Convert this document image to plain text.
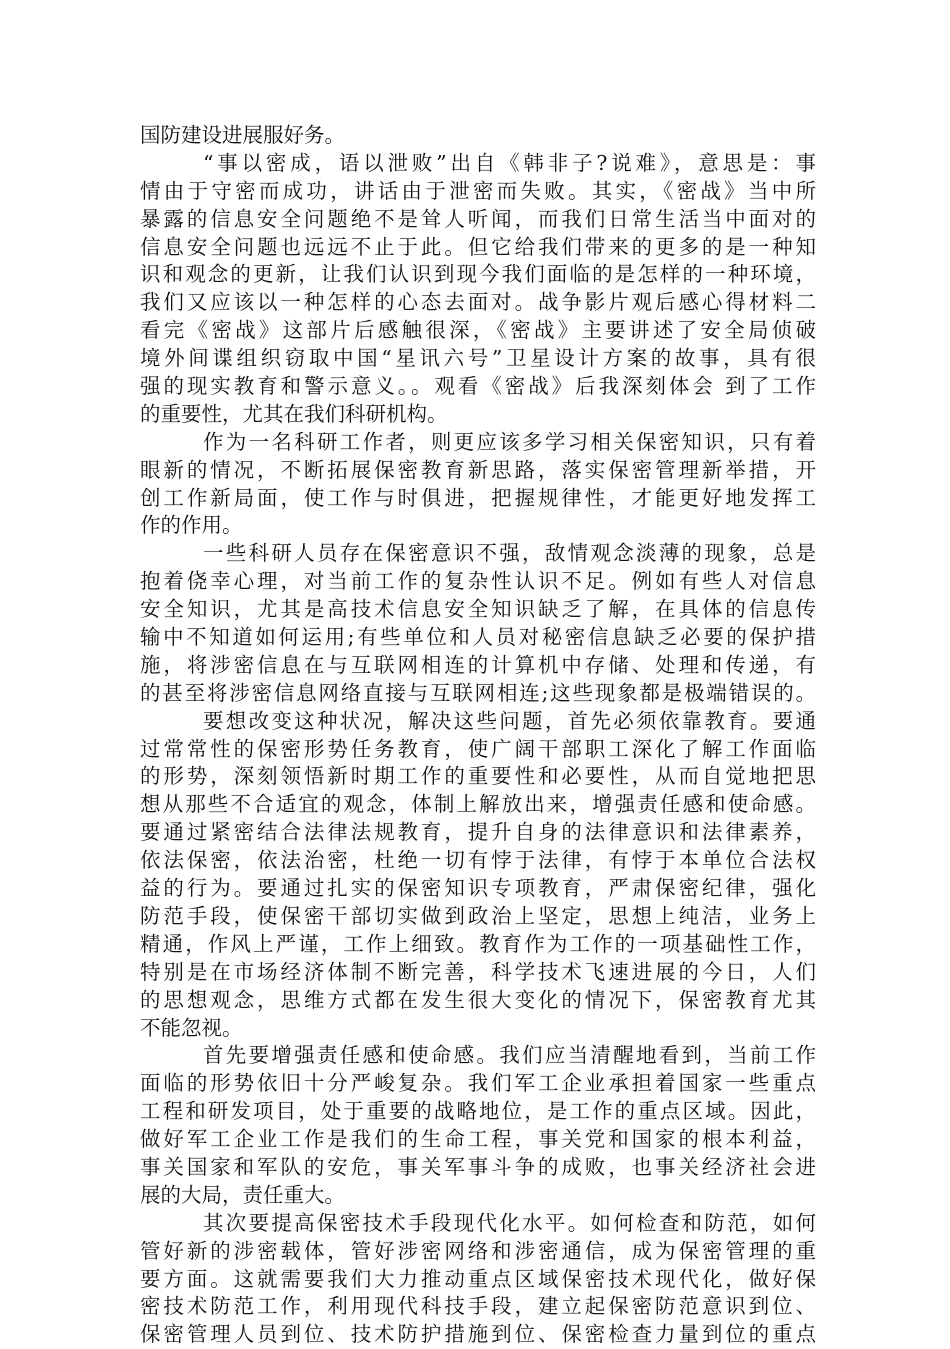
国防建设进展服好务。
“事以密成，语以泄败”出自《韩非子?说难》，意思是：事
情由于守密而成功，讲话由于泄密而失败。其实，《密战》当中所
暴露的信息安全问题绝不是耸人听闻，而我们日常生活当中面对的
信息安全问题也远远不止于此。但它给我们带来的更多的是一种知
识和观念的更新，让我们认识到现今我们面临的是怎样的一种环境，
我们又应该以一种怎样的心态去面对。战争影片观后感心得材料二
看完《密战》这部片后感触很深，《密战》主要讲述了安全局侦破
境外间谍组织窃取中国“星讯六号”卫星设计方案的故事，具有很
强的现实教育和警示意义。。观看《密战》后我深刻体会 到了工作
的重要性，尤其在我们科研机构。
作为一名科研工作者，则更应该多学习相关保密知识，只有着
眼新的情况，不断拓展保密教育新思路，落实保密管理新举措，开
创工作新局面，使工作与时俱进，把握规律性，才能更好地发挥工
作的作用。
一些科研人员存在保密意识不强，敌情观念淡薄的现象，总是
抱着侥幸心理，对当前工作的复杂性认识不足。例如有些人对信息
安全知识，尤其是高技术信息安全知识缺乏了解，在具体的信息传
输中不知道如何运用;有些单位和人员对秘密信息缺乏必要的保护措
施，将涉密信息在与互联网相连的计算机中存储、处理和传递，有
的甚至将涉密信息网络直接与互联网相连;这些现象都是极端错误的。
要想改变这种状况，解决这些问题，首先必须依靠教育。要通
过常常性的保密形势任务教育，使广阔干部职工深化了解工作面临
的形势，深刻领悟新时期工作的重要性和必要性，从而自觉地把思
想从那些不合适宜的观念，体制上解放出来，增强责任感和使命感。
要通过紧密结合法律法规教育，提升自身的法律意识和法律素养，
依法保密，依法治密，杜绝一切有悖于法律，有悖于本单位合法权
益的行为。要通过扎实的保密知识专项教育，严肃保密纪律，强化
防范手段，使保密干部切实做到政治上坚定，思想上纯洁，业务上
精通，作风上严谨，工作上细致。教育作为工作的一项基础性工作，
特别是在市场经济体制不断完善，科学技术飞速进展的今日，人们
的思想观念，思维方式都在发生很大变化的情况下，保密教育尤其
不能忽视。
首先要增强责任感和使命感。我们应当清醒地看到，当前工作
面临的形势依旧十分严峻复杂。我们军工企业承担着国家一些重点
工程和研发项目，处于重要的战略地位，是工作的重点区域。因此，
做好军工企业工作是我们的生命工程，事关党和国家的根本利益，
事关国家和军队的安危，事关军事斗争的成败，也事关经济社会进
展的大局，责任重大。
其次要提高保密技术手段现代化水平。如何检查和防范，如何
管好新的涉密载体，管好涉密网络和涉密通信，成为保密管理的重
要方面。这就需要我们大力推动重点区域保密技术现代化，做好保
密技术防范工作，利用现代科技手段，建立起保密防范意识到位、
保密管理人员到位、技术防护措施到位、保密检查力量到位的重点
